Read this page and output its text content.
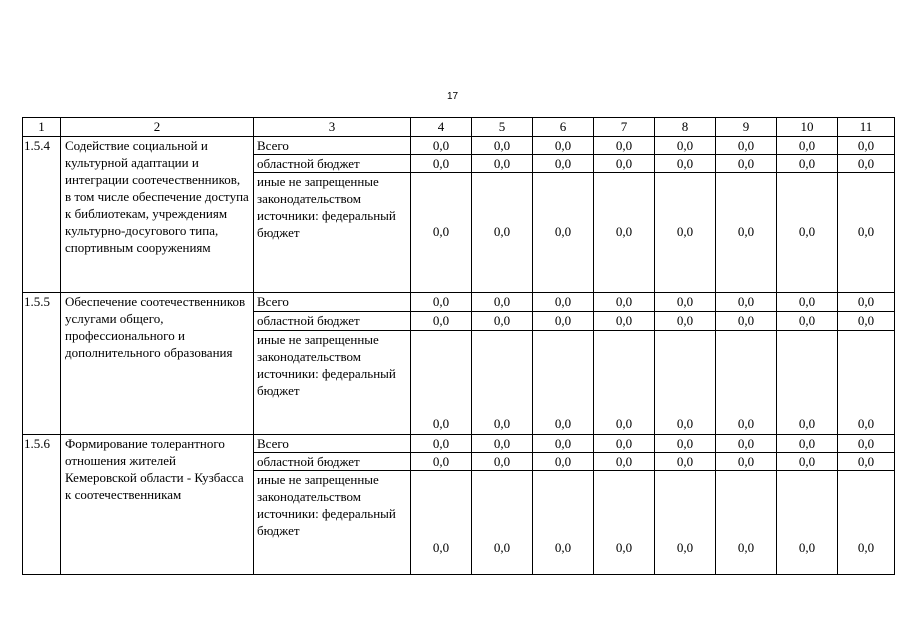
17
1	2	3	4	5	6	7	8	9	10	11
1.5.4	Содействие социальной и культурной адаптации и интеграции соотечественников, в том числе обеспечение доступа к библиотекам, учреждениям культурно-досугового типа, спортивным сооружениям	Всего	0,0	0,0	0,0	0,0	0,0	0,0	0,0	0,0
		областной бюджет	0,0	0,0	0,0	0,0	0,0	0,0	0,0	0,0
		иные не запрещенные законодательством источники: федеральный бюджет	0,0	0,0	0,0	0,0	0,0	0,0	0,0	0,0
1.5.5	Обеспечение соотечественников услугами общего, профессионального и дополнительного образования	Всего	0,0	0,0	0,0	0,0	0,0	0,0	0,0	0,0
		областной бюджет	0,0	0,0	0,0	0,0	0,0	0,0	0,0	0,0
		иные не запрещенные законодательством источники: федеральный бюджет	0,0	0,0	0,0	0,0	0,0	0,0	0,0	0,0
1.5.6	Формирование толерантного отношения жителей Кемеровской области - Кузбасса к соотечественникам	Всего	0,0	0,0	0,0	0,0	0,0	0,0	0,0	0,0
		областной бюджет	0,0	0,0	0,0	0,0	0,0	0,0	0,0	0,0
		иные не запрещенные законодательством источники: федеральный бюджет	0,0	0,0	0,0	0,0	0,0	0,0	0,0	0,0
